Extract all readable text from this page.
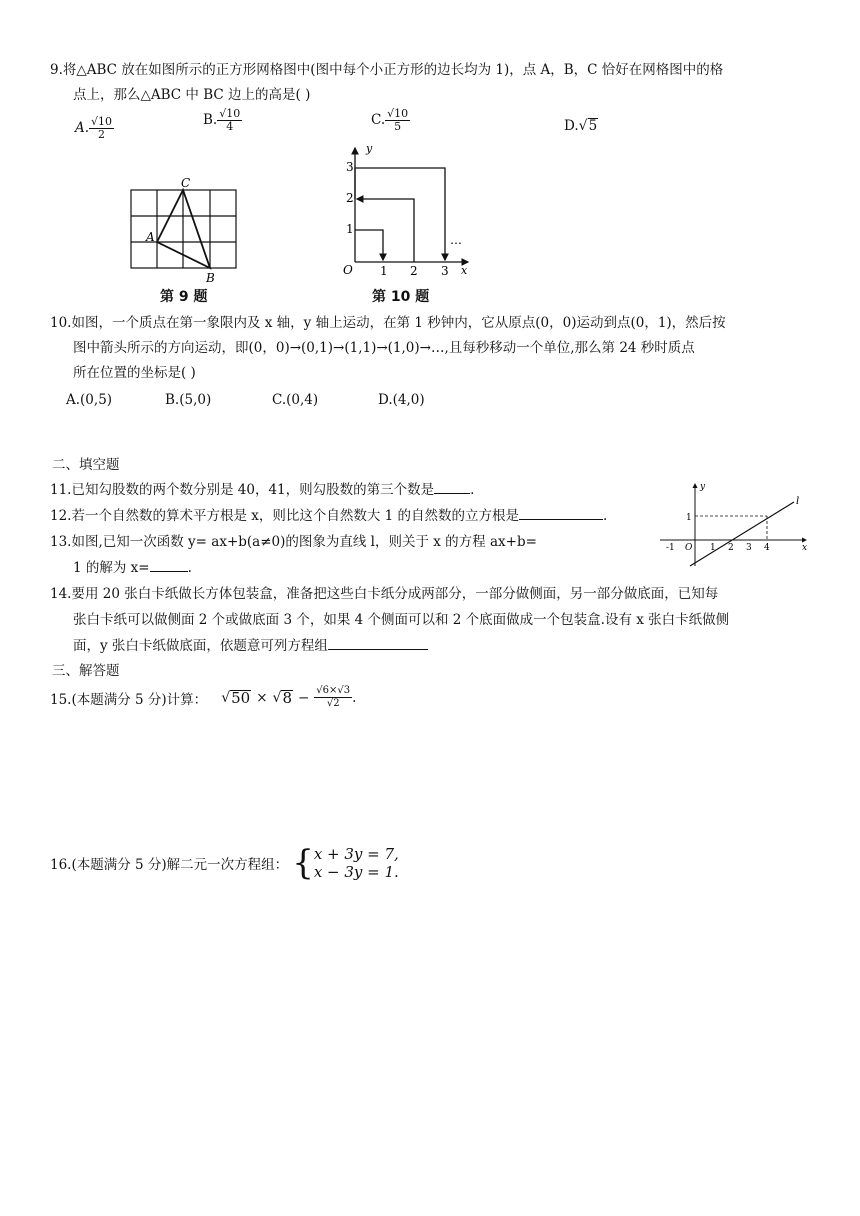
9.将△ABC 放在如图所示的正方形网格图中(图中每个小正方形的边长均为 1)，点 A，B，C 恰好在网格图中的格
点上，那么△ABC 中 BC 边上的高是( )
A. $\frac{√10}{2}$	B. $\frac{√10}{4}$	C. $\frac{√10}{5}$	D. √ 5
C
A
B
第 9 题
3
2
1
y
O 1 2 3 x
…
第 10 题
10.如图，一个质点在第一象限内及 x 轴，y 轴上运动，在第 1 秒钟内，它从原点(0，0)运动到点(0，1)，然后按
图中箭头所示的方向运动，即(0，0)→(0,1)→(1,1)→(1,0)→…,且每秒移动一个单位,那么第 24 秒时质点
所在位置的坐标是( )
A.(0,5)	B.(5,0)	C.(0,4)	D.(4,0)
二、填空题
11.已知勾股数的两个数分别是 40，41，则勾股数的第三个数是	.
12.若一个自然数的算术平方根是 x，则比这个自然数大 1 的自然数的立方根是	.
13.如图,已知一次函数 y= ax+b(a≠0)的图象为直线 l，则关于 x 的方程 ax+b=
1 的解为 x=	.
y
x
l
1
-1 O 1 2 3 4
14.要用 20 张白卡纸做长方体包装盒，准备把这些白卡纸分成两部分，一部分做侧面，另一部分做底面，已知每
张白卡纸可以做侧面 2 个或做底面 3 个，如果 4 个侧面可以和 2 个底面做成一个包装盒.设有 x 张白卡纸做侧
面，y 张白卡纸做底面，依题意可列方程组
三、解答题
15.(本题满分 5 分)计算： √ 50 × √ $8 - \frac{√6\times√3}{√2}$ .
16.(本题满分 5 分)解二元一次方程组： { x + 3y = 7,
x − 3y = 1.
